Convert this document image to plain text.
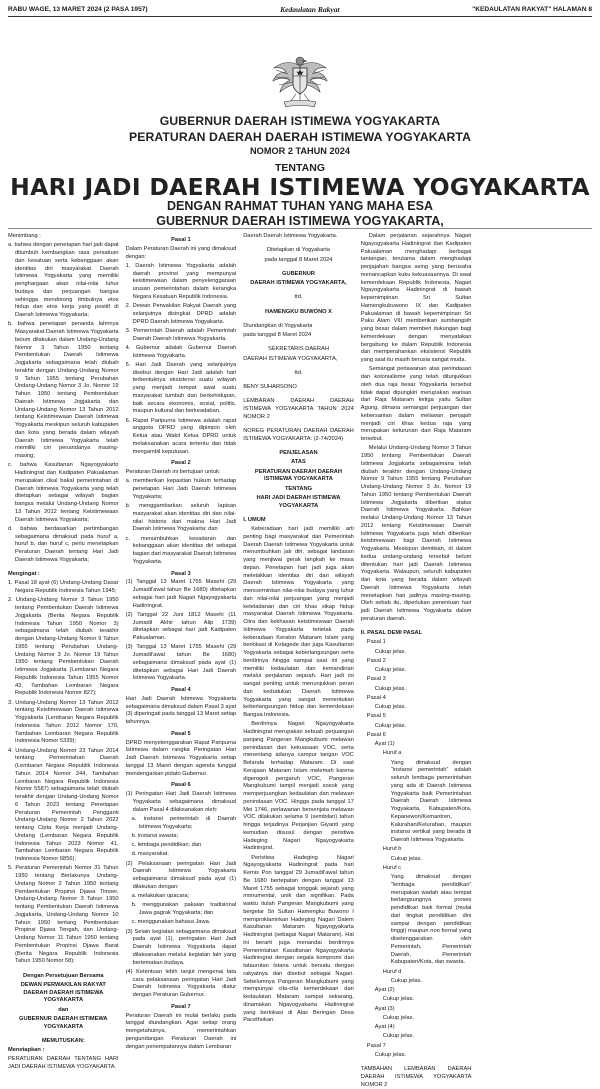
RABU WAGE, 13 MARET 2024 (2 PASA 1957)	Kedaulatan Rakyat	"KEDAULATAN RAKYAT" HALAMAN 8
GUBERNUR DAERAH ISTIMEWA YOGYAKARTA
PERATURAN DAERAH DAERAH ISTIMEWA YOGYAKARTA
NOMOR 2 TAHUN 2024
TENTANG
HARI JADI DAERAH ISTIMEWA YOGYAKARTA
DENGAN RAHMAT TUHAN YANG MAHA ESA
GUBERNUR DAERAH ISTIMEWA YOGYAKARTA,

Menimbang :

a. bahwa dengan penetapan hari jadi dapat ditumbuh kembangkan rasa persatuan dan kesatuan serta kebanggaan akan identitas diri masyarakat Daerah Istimewa Yogyakarta yang memiliki penghargaan akan nilai-nilai luhur budaya dan perjuangan bangsa sehingga mendorong timbulnya etos hidup dan etos kerja yang positif di Daerah Istimewa Yogyakarta;

b. bahwa penetapan penanda lahirnya Masyarakat Daerah Istimewa Yogyakarta belum dilakukan dalam Undang-Undang Nomor 3 Tahun 1950 tentang Pembentukan Daerah Istimewa Jogjakarta sebagaimana telah diubah terakhir dengan Undang-Undang Nomor 9 Tahun 1955 tentang Perubahan Undang-Undang Nomor 3 Jo. Nomor 19 Tahun 1950 tentang Pembentukan Daerah Istimewa Jogjakarta dan Undang-Undang Nomor 13 Tahun 2012 tentang Keistimewaan Daerah Istimewa Yogyakarta meskipun seluruh kabupaten dan kota yang berada dalam wilayah Daerah Istimewa Yogyakarta telah memiliki ciri penandanya masing-masing;

c. bahwa Kasultanan Ngayogyakarto Hadiningrat dan Kadipaten Pakualaman merupakan cikal bakal pemerintahan di Daerah Istimewa Yogyakarta yang telah ditetapkan sebagai wilayah bagian bangsa melalui Undang-Undang Nomor 13 Tahun 2012 tentang Keistimewaan Daerah Istimewa Yogyakarta;

d. bahwa berdasarkan pertimbangan sebagaimana dimaksud pada huruf a, huruf b, dan huruf c, perlu menetapkan Peraturan Daerah tentang Hari Jadi Daerah Istimewa Yogyakarta;

Mengingat :

1. Pasal 18 ayat (6) Undang-Undang Dasar Negara Republik Indonesia Tahun 1945;

2. Undang-Undang Nomor 3 Tahun 1950 tentang Pembentukan Daerah Istimewa Jogjakarta (Berita Negara Republik Indonesia Tahun 1950 Nomor 3) sebagaimana telah diubah terakhir dengan Undang-Undang Nomor 9 Tahun 1955 tentang Perubahan Undang-Undang Nomor 3 Jo. Nomor 19 Tahun 1950 tentang Pembentukan Daerah Istimewa Jogjakarta (Lembaran Negara Republik Indonesia Tahun 1955 Nomor 43, Tambahan Lembaran Negara Republik Indonesia Nomor 827);

3. Undang-Undang Nomor 13 Tahun 2012 tentang Keistimewaan Daerah Istimewa Yogyakarta (Lembaran Negara Republik Indonesia Tahun 2012 Nomor 170, Tambahan Lembaran Negara Republik Indonesia Nomor 5339);

4. Undang-Undang Nomor 23 Tahun 2014 tentang Pemerintahan Daerah (Lembaran Negara Republik Indonesia Tahun 2014 Nomor 244, Tambahan Lembaran Negara Republik Indonesia Nomor 5587) sebagaimana telah diubah terakhir dengan Undang-Undang Nomor 6 Tahun 2023 tentang Penetapan Peraturan Pemerintah Pengganti Undang-Undang Nomor 2 Tahun 2022 tentang Cipta Kerja menjadi Undang-Undang (Lembaran Negara Republik Indonesia Tahun 2023 Nomor 41, Tambahan Lembaran Negara Republik Indonesia Nomor 6856);

5. Peraturan Pemerintah Nomor 31 Tahun 1950 tentang Berlakunya Undang-Undang Nomor 2 Tahun 1950 tentang Pembentukan Propinsi Djawa Timoer, Undang-Undang Nomor 3 Tahun 1950 tentang Pembentukan Daerah Istimewa Jogjakarta, Undang-Undang Nomor 10 Tahun 1950 tentang Pembentukan Propinsi Djawa Tengah, dan Undang-Undang Nomor 11 Tahun 1950 tentang Pembentukan Propinsi Djawa Barat (Berita Negara Republik Indonesia Tahun 1950 Nomor 58);

Dengan Persetujuan Bersama

DEWAN PERWAKILAN RAKYAT DAERAH DAERAH ISTIMEWA YOGYAKARTA

dan

GUBERNUR DAERAH ISTIMEWA YOGYAKARTA

MEMUTUSKAN:

Menetapkan :

PERATURAN DAERAH TENTANG HARI JADI DAERAH ISTIMEWA YOGYAKARTA.

Pasal 1

Dalam Peraturan Daerah ini yang dimaksud dengan:

1. Daerah Istimewa Yogyakarta adalah daerah provinsi yang mempunyai keistimewaan dalam penyelenggaraan urusan pemerintahan dalam kerangka Negara Kesatuan Republik Indonesia.

2. Dewan Perwakilan Rakyat Daerah yang selanjutnya disingkat DPRD adalah DPRD Daerah Istimewa Yogyakarta.

3. Pemerintah Daerah adalah Pemerintah Daerah Daerah Istimewa Yogyakarta.

4. Gubernur adalah Gubernur Daerah Istimewa Yogyakarta.

5. Hari Jadi Daerah yang selanjutnya disebut dengan Hari Jadi adalah hari terbentuknya eksistensi suatu wilayah yang menjadi tempat awal suatu masyarakat tumbuh dan berkehidupan, baik secara ekonomis, sosial, politis, maupun kultural dan berkeadaban.

6. Rapat Paripurna Istimewa adalah rapat anggota DPRD yang dipimpin oleh Ketua atau Wakil Ketua DPRD untuk melaksanakan acara tertentu dan tidak mengambil keputusan.

Pasal 2

Peraturan Daerah ini bertujuan untuk:

a. memberikan kepastian hukum terhadap penetapan Hari Jadi Daerah Istimewa Yogyakarta;

b. menggambarkan seluruh lapisan masyarakat akan identitas diri dan nilai-nilai historis dari makna Hari Jadi Daerah Istimewa Yogyakarta; dan

c. menumbuhkan kesadaran dan kebanggaan akan identitas diri sebagai bagian dari masyarakat Daerah Istimewa Yogyakarta.

Pasal 3

(1) Tanggal 13 Maret 1755 Masehi (29 Jumadil'awal tahun Be 1680) ditetapkan sebagai hari jadi Nagari Ngayogyakarta Hadiningrat.

(2) Tanggal 22 Juni 1812 Masehi (11 Jumadil Akhir tahun Alip 1739) ditetapkan sebagai hari jadi Kadipaten Pakualaman.

(3) Tanggal 13 Maret 1755 Masehi (29 Jumadil'awal tahun Be 1680) sebagaimana dimaksud pada ayat (1) ditetapkan sebagai Hari Jadi Daerah Istimewa Yogyakarta.

Pasal 4

Hari Jadi Daerah Istimewa Yogyakarta sebagaimana dimaksud dalam Pasal 3 ayat (3) diperingati pada tanggal 13 Maret setiap tahunnya.

Pasal 5

DPRD menyelenggarakan Rapat Paripurna Istimewa dalam rangka Peringatan Hari Jadi Daerah Istimewa Yogyakarta setiap tanggal 13 Maret dengan agenda tunggal mendengarkan pidato Gubernur.

Pasal 6

(1) Peringatan Hari Jadi Daerah Istimewa Yogyakarta sebagaimana dimaksud dalam Pasal 4 dilaksanakan oleh:

a. instansi pemerintah di Daerah Istimewa Yogyakarta;

b. instansi swasta;

c. lembaga pendidikan; dan

d. masyarakat.

(2) Pelaksanaan peringatan Hari Jadi Daerah Istimewa Yogyakarta sebagaimana dimaksud pada ayat (1) dilakukan dengan:

a. melakukan upacara;

b. menggunakan pakaian tradisional Jawa gagrak Yogyakarta; dan

c. menggunakan bahasa Jawa.

(3) Selain kegiatan sebagaimana dimaksud pada ayat (1), peringatan Hari Jadi Daerah Istimewa Yogyakarta dapat dilaksanakan melalui kegiatan lain yang bertemakan budaya.

(4) Ketentuan lebih lanjut mengenai tata cara pelaksanaan peringatan Hari Jadi Daerah Istimewa Yogyakarta diatur dengan Peraturan Gubernur.

Pasal 7

Peraturan Daerah ini mulai berlaku pada tanggal diundangkan. Agar setiap orang mengetahuinya, memerintahkan pengundangan Peraturan Daerah ini dengan penempatannya dalam Lembaran

Daerah Daerah Istimewa Yogyakarta.

Ditetapkan di Yogyakarta

pada tanggal 8 Maret 2024

GUBERNUR

DAERAH ISTIMEWA YOGYAKARTA,

ttd.

HAMENGKU BUWONO X

Diundangkan di Yogyakarta

pada tanggal 8 Maret 2024

SEKRETARIS DAERAH

DAERAH ISTIMEWA YOGYAKARTA,

ttd.

BENY SUHARSONO

LEMBARAN DAERAH DAERAH ISTIMEWA YOGYAKARTA TAHUN 2024 NOMOR 2

NOREG PERATURAN DAERAH DAERAH ISTIMEWA YOGYAKARTA: (2-74/2024)

PENJELASAN

ATAS

PERATURAN DAERAH DAERAH ISTIMEWA YOGYAKARTA

TENTANG

HARI JADI DAERAH ISTIMEWA YOGYAKARTA

I. UMUM

Keberadaan hari jadi memiliki arti penting bagi masyarakat dan Pemerintah Daerah Daerah Istimewa Yogyakarta untuk menumbuhkan jati diri, sebagai landasan yang menjiwai gerak langkah ke masa depan. Penetapan hari jadi juga akan meletakkan identitas diri dari wilayah Daerah Istimewa Yogyakarta yang mencerminkan nilai-nilai budaya yang luhur dan nilai-nilai perjuangan yang menjadi keteladanan dan ciri khas sikap hidup masyarakat Daerah Istimewa Yogyakarta. Citra dan kekhasan keistimewaan Daerah Istimewa Yogyakarta terletak pada keberadaan Keraton Mataram Islam yang berlokasi di Kotagede dan juga Kasultanan Yogyakarta sebagai keberlangsungan serta berdirinya hingga sampai saat ini yang memiliki kedaulatan dan kemandirian melalui perjalanan sejarah. Hari jadi ini sangat penting untuk menunjukkan peran dan kedudukan Daerah Istimewa Yogyakarta yang sangat menentukan keberlangsungan hidup dan kemerdekaan Bangsa Indonesia.

Berdirinya Nagari Ngayogyakarta Hadiningrat merupakan sebuah perjuangan panjang Pangeran Mangkubumi melawan penindasan dan kekuasaan VOC, serta menentang adanya campur tangan VOC Belanda terhadap Mataram. Di saat Kerajaan Mataram Islam melemah karena digerogoti pengaruh VOC, Pangeran Mangkubumi tampil menjadi sosok yang memperjuangkan kedaulatan dan melawan penindasan VOC. Hingga pada tanggal 17 Mei 1746, perlawanan bersenjata melawan VOC dilakukan selama 9 (sembilan) tahun hingga terjadinya Perjanjian Giyanti yang kemudian disusul dengan peristiwa Hadeging Nagari Ngayogyakarta Hadiningrat.

Peristiwa Hadeging Nagari Ngayogyakarta Hadiningrat pada hari Kemis Pon tanggal 29 Jumadil'awal tahun Be 1680 bertepatan dengan tanggal 13 Maret 1755 sebagai tonggak sejarah yang monumental, unik dan signifikan. Pada waktu itulah Pangeran Mangkubumi yang bergelar Sri Sultan Hamengku Buwono I memproklamirkan Hadeging Nagari Dalem Kasultanan Mataram Ngayogyakarta Hadiningrat (sebagai Nagari Mataram). Hal ini berarti juga menandai berdirinya Pemerintahan Kasultanan Ngayogyakarta Hadiningrat dengan segala kompromi dan tataurutan Istana untuk bersatu dengan rakyatnya dan disebut sebagai Nagari. Sebelumnya Pangeran Mangkubumi yang mempunyai cita-cita kemerdekaan dan kedaulatan Mataram sampai sekarang, dinamakan Ngayogyakarta Hadiningrat yang berlokasi di Alas Beringan Desa Pacethokan.

Dalam perjalanan sejarahnya Nagari Ngayogyakarta Hadiningrat dan Kadipaten Pakualaman menghadapi berbagai tantangan, terutama dalam menghadapi penjajahan bangsa asing yang berusaha menancapkan kuku kekuasaannya. Di awal kemerdekaan Republik Indonesia, Nagari Ngayogyakarta Hadiningrat di bawah kepemimpinan Sri Sultan Hamengkubuwono IX dan Kadipaten Pakualaman di bawah kepemimpinan Sri Paku Alam VIII memberikan sumbangsih yang besar dalam memberi dukungan bagi kemerdekaan dengan menyatakan bergabung ke dalam Republik Indonesia dan memperahankan eksistensi Republik yang saat itu masih berusia sangat muda.

Semangat perlawanan atas penindasan dan kolonialisme yang telah ditunjukkan oleh dua raja besar Yogyakarta tersebut tidak dapat dipungkiri merupakan warisan dari Raja Mataram ketiga yaitu Sultan Agung, dimana semangat perjuangan dan kebersanian dalam melawan penjajah menjadi ciri khas kedua raja yang merupakan keturunan dari Raja Mataram tersebut.

Melalui Undang-Undang Nomor 3 Tahun 1950 tentang Pembentukan Daerah Istimewa Jogjakarta sebagaimana telah diubah terakhir dengan Undang-Undang Nomor 9 Tahun 1955 tentang Perubahan Undang-Undang Nomor 3 Jo. Nomor 19 Tahun 1950 tentang Pembentukan Daerah Istimewa Jogjakarta diberikan status Daerah Istimewa Yogyakarta. Bahkan melalui Undang-Undang Nomor 13 Tahun 2012 tentang Keistimewaan Daerah Istimewa Yogyakarta juga telah diberikan keistimewaan bagi Daerah Istimewa Yogyakarta. Meskipun demikian, di dalam kedua undang-undang tersebut belum ditentukan hari jadi Daerah Istimewa Yogyakarta. Walaupun, seluruh kabupaten dan kota yang berada dalam wilayah Daerah Istimewa Yogyakarta telah menetapkan hari jadinya masing-masing. Oleh sebab itu, diperlukan penentuan hari jadi Daerah Istimewa Yogyakarta dalam peraturan daerah.

II. PASAL DEMI PASAL

Pasal 1

Cukup jelas.

Pasal 2

Cukup jelas.

Pasal 3

Cukup jelas.

Pasal 4

Cukup jelas.

Pasal 5

Cukup jelas.

Pasal 6

Ayat (1)

Huruf a

Yang dimaksud dengan "instansi pemerintah" adalah seluruh lembaga pemerintahan yang ada di Daerah Istimewa Yogyakarta baik Pemerintahan Daerah Daerah Istimewa Yogyakarta, Kabupaten/Kota, Kepanewon/Kemantren, Kalurahan/Kelurahan, maupun instansi vertikal yang berada di Daerah Istimewa Yogyakarta.

Huruf b

Cukup jelas.

Huruf c

Yang dimaksud dengan "lembaga pendidikan" merupakan wadah atau tempat berlangsungnya proses pendidikan baik formal (mulai dari tingkat pendidikan dini sampai dengan pendidikan tinggi) maupun non formal yang diselenggarakan oleh Pemerintah, Pemerintah Daerah, Pemerintah Kabupaten/Kota, dan swasta.

Huruf d

Cukup jelas.

Ayat (2)

Cukup jelas.

Ayat (3)

Cukup jelas.

Ayat (4)

Cukup jelas.

Pasal 7

Cukup jelas.

TAMBAHAN LEMBARAN DAERAH DAERAH ISTIMEWA YOGYAKARTA NOMOR 2
